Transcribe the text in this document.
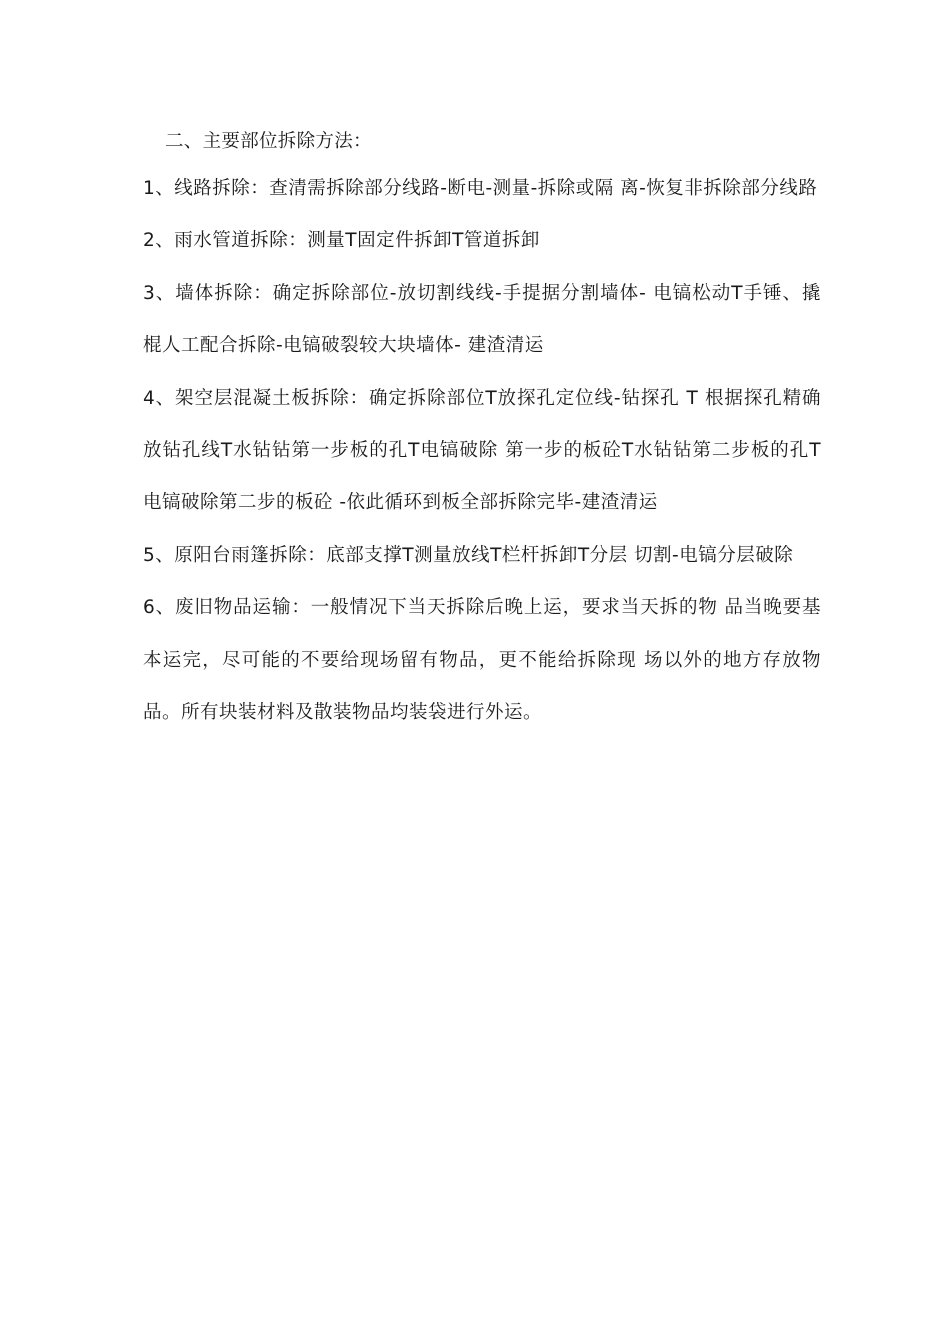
二、主要部位拆除方法：

1、线路拆除：查清需拆除部分线路-断电-测量-拆除或隔 离-恢复非拆除部分线路

2、雨水管道拆除：测量T固定件拆卸T管道拆卸

3、墙体拆除：确定拆除部位-放切割线线-手提据分割墙体- 电镐松动T手锤、撬棍人工配合拆除-电镐破裂较大块墙体- 建渣清运

4、架空层混凝土板拆除：确定拆除部位T放探孔定位线-钻探孔 T 根据探孔精确放钻孔线T水钻钻第一步板的孔T电镐破除 第一步的板砼T水钻钻第二步板的孔T电镐破除第二步的板砼 -依此循环到板全部拆除完毕-建渣清运

5、原阳台雨篷拆除：底部支撑T测量放线T栏杆拆卸T分层 切割-电镐分层破除

6、废旧物品运输：一般情况下当天拆除后晚上运，要求当天拆的物 品当晚要基本运完，尽可能的不要给现场留有物品，更不能给拆除现 场以外的地方存放物品。所有块装材料及散装物品均装袋进行外运。
